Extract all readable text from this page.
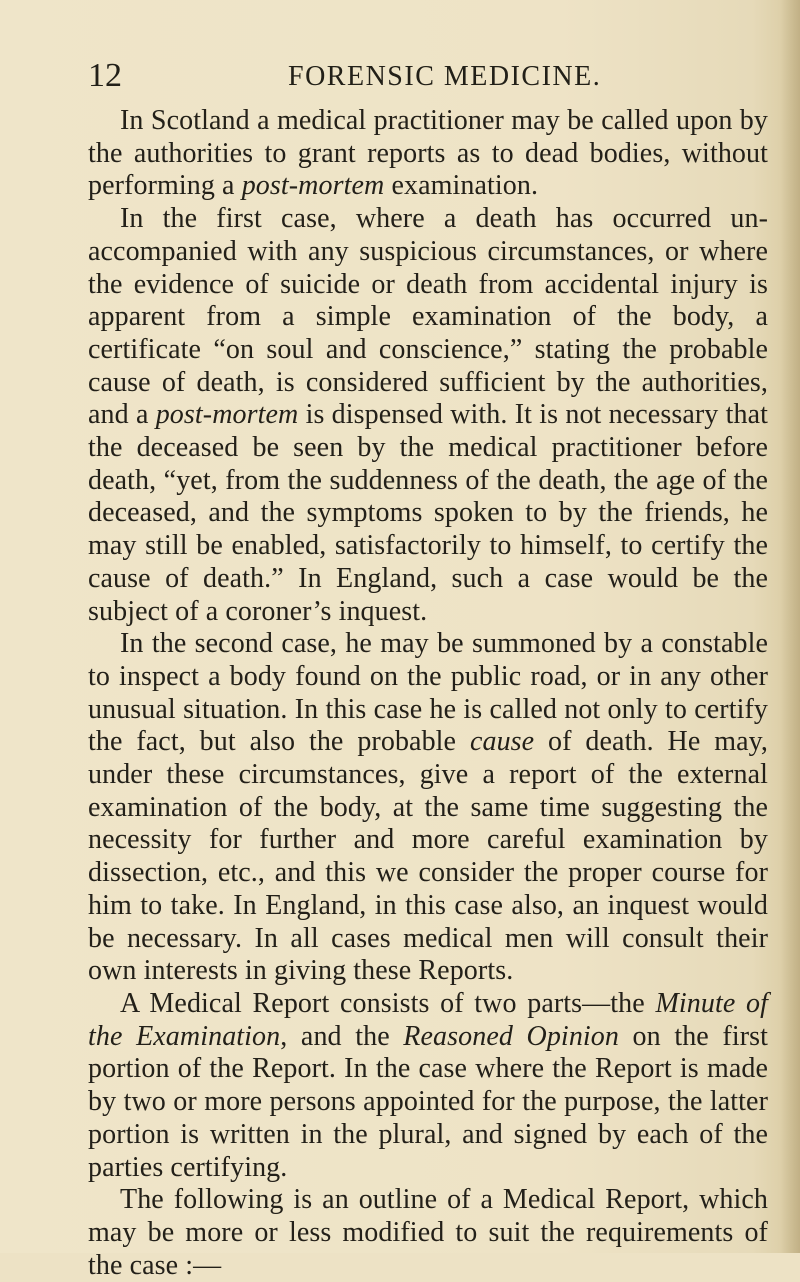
12	FORENSIC MEDICINE.

In Scotland a medical practitioner may be called upon by the authorities to grant reports as to dead bodies, without performing a post-mortem examination.

In the first case, where a death has occurred un-accompanied with any suspicious circumstances, or where the evidence of suicide or death from accidental injury is apparent from a simple examination of the body, a certificate “on soul and conscience,” stating the probable cause of death, is considered sufficient by the authorities, and a post-mortem is dispensed with. It is not necessary that the deceased be seen by the medical practitioner before death, “yet, from the suddenness of the death, the age of the deceased, and the symptoms spoken to by the friends, he may still be enabled, satisfactorily to himself, to certify the cause of death.” In England, such a case would be the subject of a coroner’s inquest.

In the second case, he may be summoned by a constable to inspect a body found on the public road, or in any other unusual situation. In this case he is called not only to certify the fact, but also the probable cause of death. He may, under these circumstances, give a report of the external examination of the body, at the same time suggesting the necessity for further and more careful examination by dissection, etc., and this we consider the proper course for him to take. In England, in this case also, an inquest would be necessary. In all cases medical men will consult their own interests in giving these Reports.

A Medical Report consists of two parts—the Minute of the Examination, and the Reasoned Opinion on the first portion of the Report. In the case where the Report is made by two or more persons appointed for the purpose, the latter portion is written in the plural, and signed by each of the parties certifying.

The following is an outline of a Medical Report, which may be more or less modified to suit the requirements of the case :—
